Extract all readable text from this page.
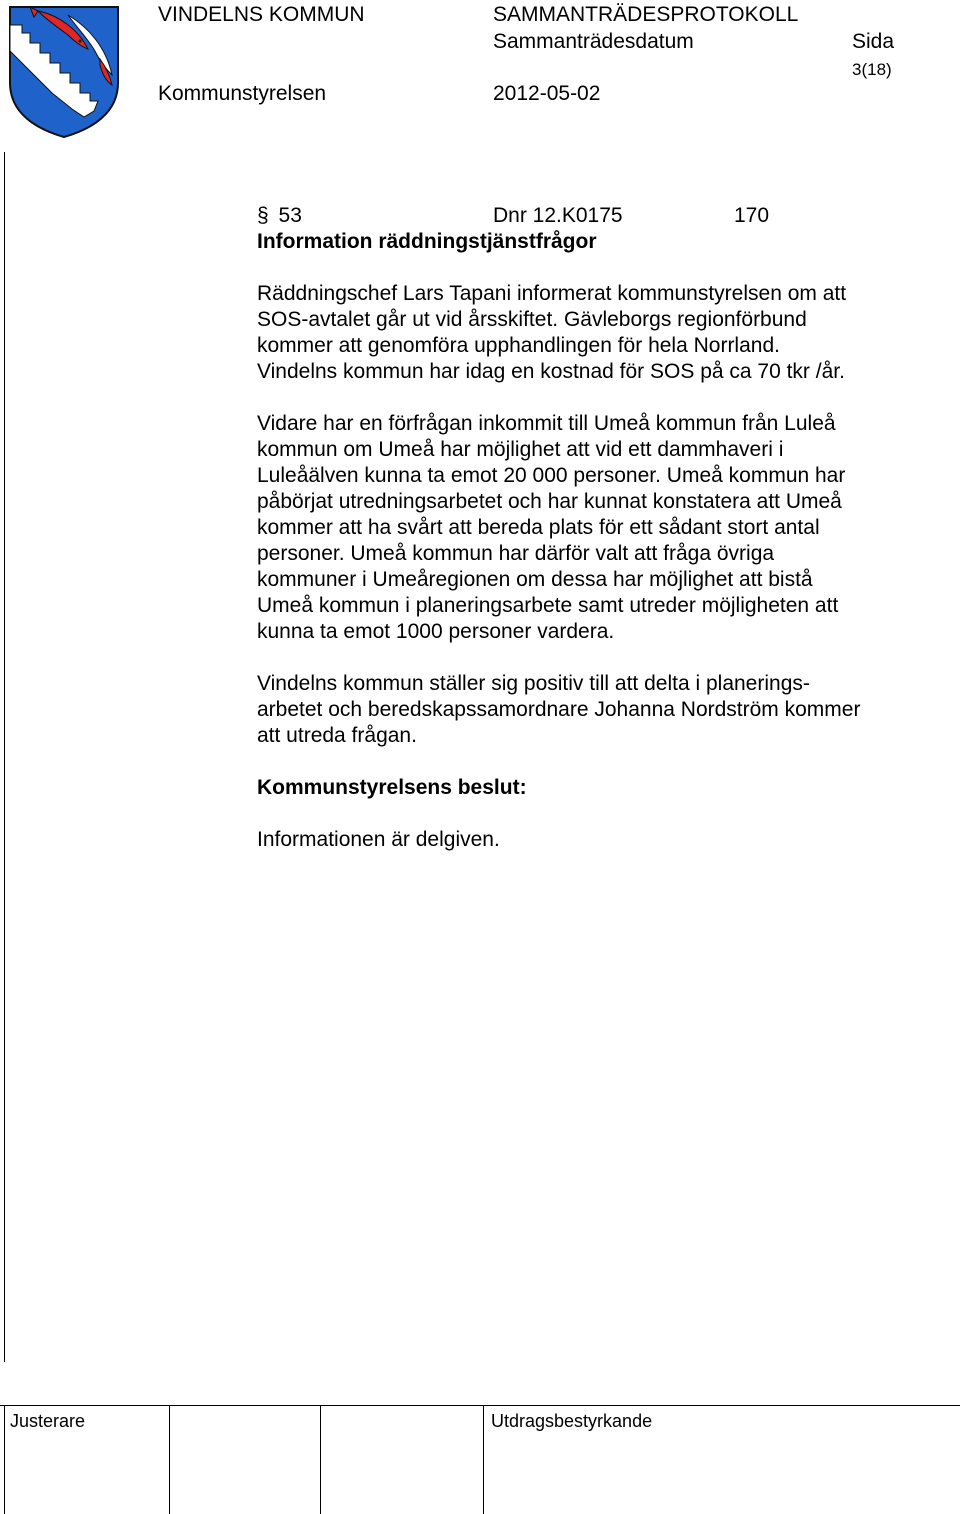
VINDELNS KOMMUN	SAMMANTRÄDESPROTOKOLL
Sammanträdesdatum	Sida
3(18)
Kommunstyrelsen	2012-05-02
§ 53	Dnr 12.K0175	170
Information räddningstjänstfrågor
Räddningschef Lars Tapani informerat kommunstyrelsen om att
SOS-avtalet går ut vid årsskiftet. Gävleborgs regionförbund
kommer att genomföra upphandlingen för hela Norrland.
Vindelns kommun har idag en kostnad för SOS på ca 70 tkr /år.
Vidare har en förfrågan inkommit till Umeå kommun från Luleå
kommun om Umeå har möjlighet att vid ett dammhaveri i
Luleåälven kunna ta emot 20 000 personer. Umeå kommun har
påbörjat utredningsarbetet och har kunnat konstatera att Umeå
kommer att ha svårt att bereda plats för ett sådant stort antal
personer. Umeå kommun har därför valt att fråga övriga
kommuner i Umeåregionen om dessa har möjlighet att bistå
Umeå kommun i planeringsarbete samt utreder möjligheten att
kunna ta emot 1000 personer vardera.
Vindelns kommun ställer sig positiv till att delta i planerings-
arbetet och beredskapssamordnare Johanna Nordström kommer
att utreda frågan.
Kommunstyrelsens beslut:
Informationen är delgiven.
Justerare	Utdragsbestyrkande
